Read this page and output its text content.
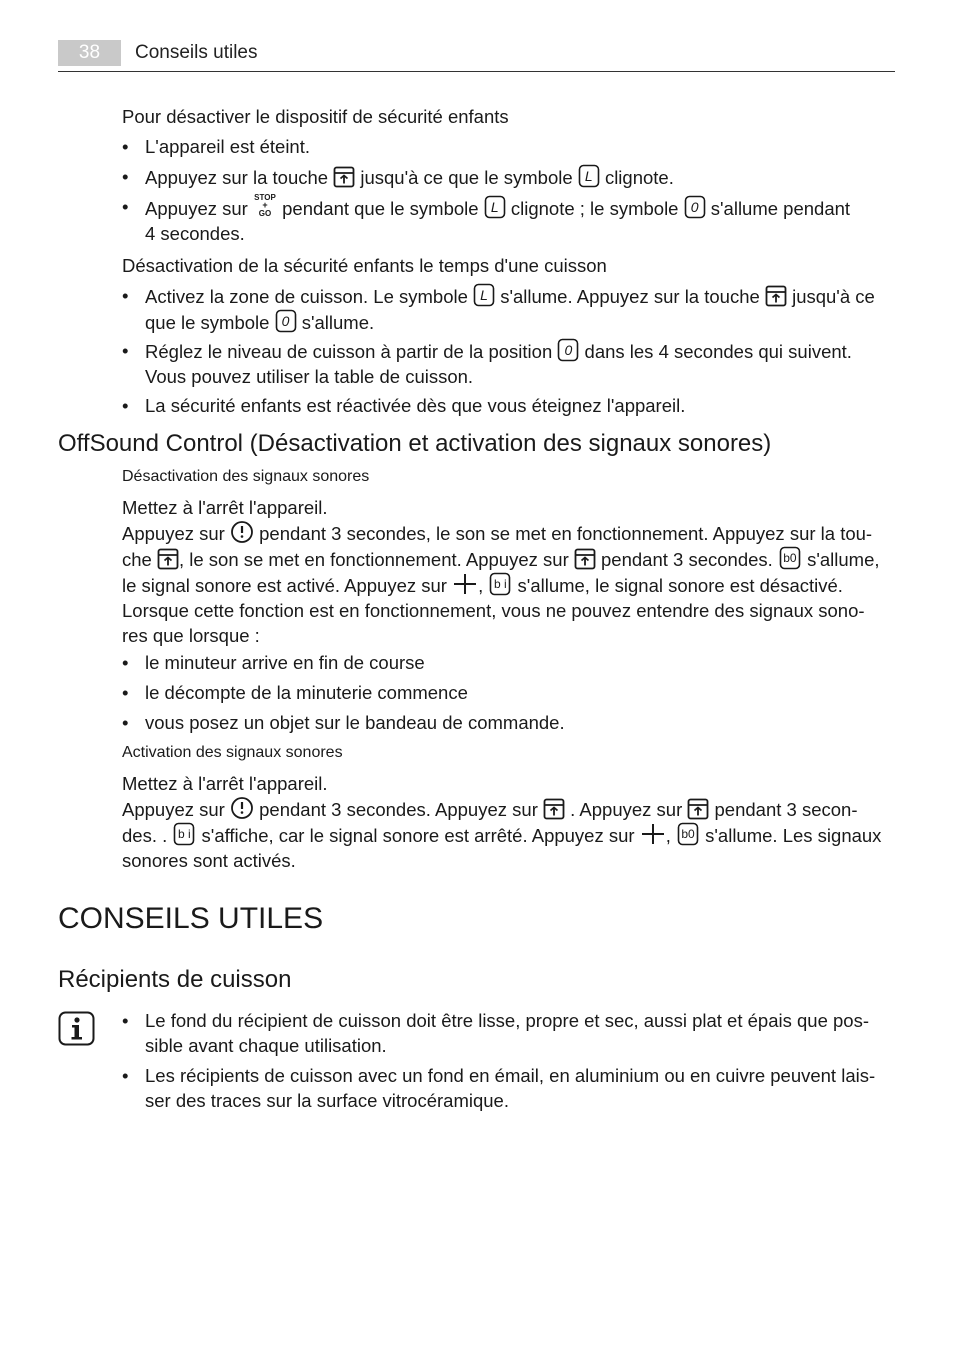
38	Conseils utiles
Pour désactiver le dispositif de sécurité enfants
• L'appareil est éteint.
• Appuyez sur la touche jusqu'à ce que le symbole L clignote.
• Appuyez sur
STOP
+
GO pendant que le symbole L clignote ; le symbole 0 s'allume pendant
4 secondes.
Désactivation de la sécurité enfants le temps d'une cuisson
• Activez la zone de cuisson. Le symbole L s'allume. Appuyez sur la touche jusqu'à ce
que le symbole 0 s'allume.
• Réglez le niveau de cuisson à partir de la position 0 dans les 4 secondes qui suivent.
Vous pouvez utiliser la table de cuisson.
• La sécurité enfants est réactivée dès que vous éteignez l'appareil.
OffSound Control (Désactivation et activation des signaux sonores)
Désactivation des signaux sonores
Mettez à l'arrêt l'appareil.
Appuyez sur pendant 3 secondes, le son se met en fonctionnement. Appuyez sur la tou-
che , le son se met en fonctionnement. Appuyez sur pendant 3 secondes. b0 s'allume,
le signal sonore est activé. Appuyez sur , b i s'allume, le signal sonore est désactivé.
Lorsque cette fonction est en fonctionnement, vous ne pouvez entendre des signaux sono-
res que lorsque :
• le minuteur arrive en fin de course
• le décompte de la minuterie commence
• vous posez un objet sur le bandeau de commande.
Activation des signaux sonores
Mettez à l'arrêt l'appareil.
Appuyez sur pendant 3 secondes. Appuyez sur . Appuyez sur pendant 3 secon-
des. . b i s'affiche, car le signal sonore est arrêté. Appuyez sur , b0 s'allume. Les signaux
sonores sont activés.
CONSEILS UTILES
Récipients de cuisson
• Le fond du récipient de cuisson doit être lisse, propre et sec, aussi plat et épais que pos-
sible avant chaque utilisation.
• Les récipients de cuisson avec un fond en émail, en aluminium ou en cuivre peuvent lais-
ser des traces sur la surface vitrocéramique.
